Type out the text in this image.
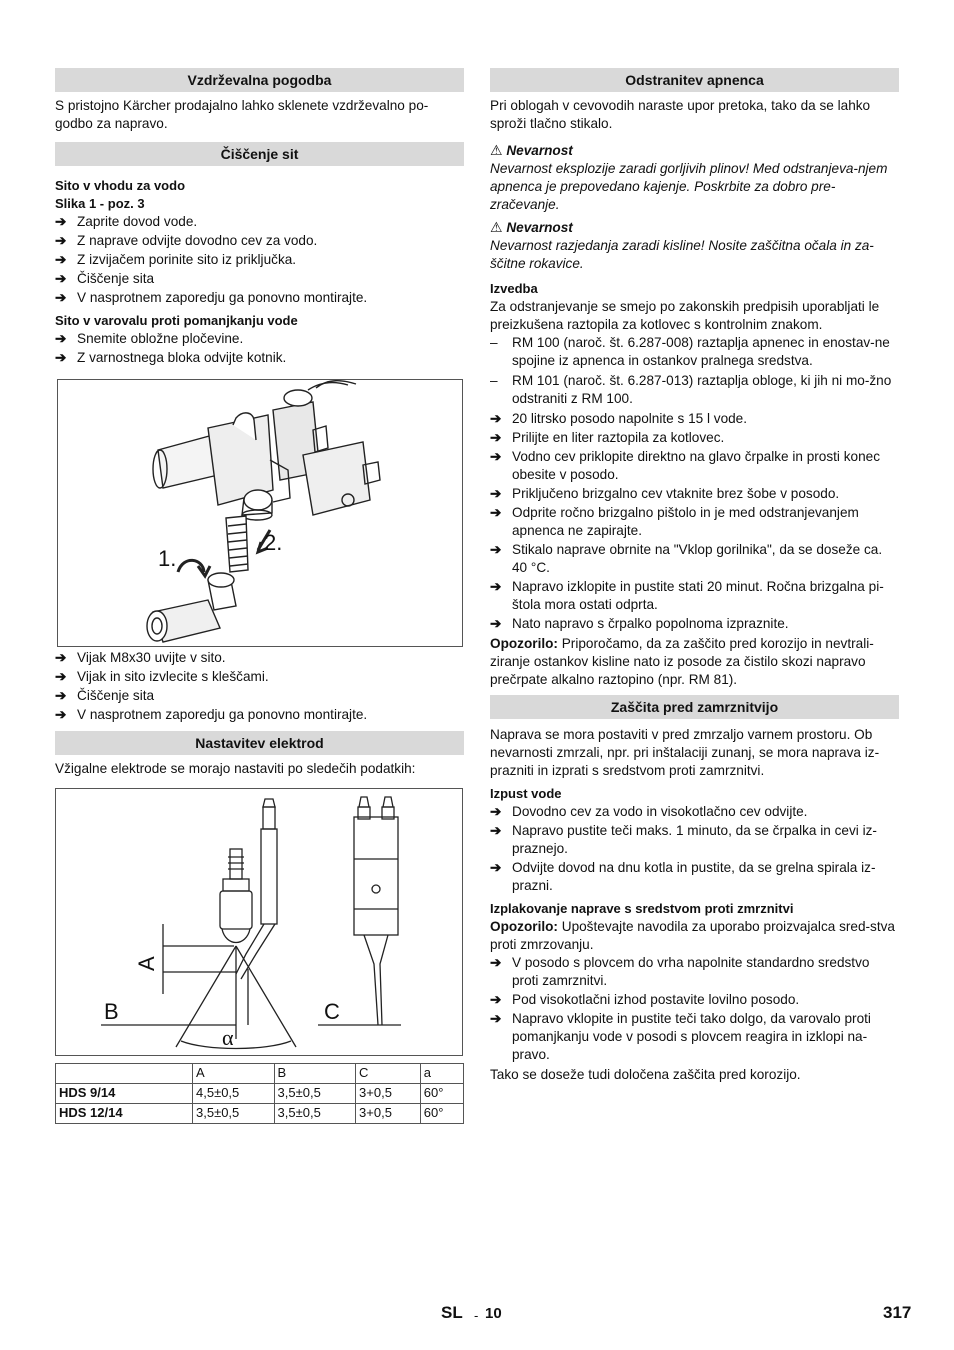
Vzdrževalna pogodba

S pristojno Kärcher prodajalno lahko sklenete vzdrževalno po-godbo za napravo.

Čiščenje sit

Sito v vhodu za vodo

Slika 1 - poz. 3

➔ Zaprite dovod vode.
➔ Z naprave odvijte dovodno cev za vodo.
➔ Z izvijačem porinite sito iz priključka.
➔ Čiščenje sita
➔ V nasprotnem zaporedju ga ponovno montirajte.

Sito v varovalu proti pomanjkanju vode

➔ Snemite obložne pločevine.
➔ Z varnostnega bloka odvijte kotnik.
1.
2.
➔ Vijak M8x30 uvijte v sito.
➔ Vijak in sito izvlecite s kleščami.
➔ Čiščenje sita
➔ V nasprotnem zaporedju ga ponovno montirajte.
Nastavitev elektrod

Vžigalne elektrode se morajo nastaviti po sledečih podatkih:

A
B	C
α
	A	B	C	a
HDS 9/14	4,5±0,5	3,5±0,5	3+0,5	60°
HDS 12/14	3,5±0,5	3,5±0,5	3+0,5	60°
Odstranitev apnenca

Pri oblogah v cevovodih naraste upor pretoka, tako da se lahko sproži tlačno stikalo.

⚠ Nevarnost

Nevarnost eksplozije zaradi gorljivih plinov! Med odstranjeva-njem apnenca je prepovedano kajenje. Poskrbite za dobro pre-zračevanje.

⚠ Nevarnost

Nevarnost razjedanja zaradi kisline! Nosite zaščitna očala in za-ščitne rokavice.

Izvedba

Za odstranjevanje se smejo po zakonskih predpisih uporabljati le preizkušena raztopila za kotlovec s kontrolnim znakom.

– RM 100 (naroč. št. 6.287-008) raztaplja apnenec in enostav-ne spojine iz apnenca in ostankov pralnega sredstva.
– RM 101 (naroč. št. 6.287-013) raztaplja obloge, ki jih ni mo-žno odstraniti z RM 100.
➔ 20 litrsko posodo napolnite s 15 l vode.
➔ Prilijte en liter raztopila za kotlovec.
➔ Vodno cev priklopite direktno na glavo črpalke in prosti konec obesite v posodo.
➔ Priključeno brizgalno cev vtaknite brez šobe v posodo.
➔ Odprite ročno brizgalno pištolo in je med odstranjevanjem apnenca ne zapirajte.
➔ Stikalo naprave obrnite na "Vklop gorilnika", da se doseže ca. 40 °C.
➔ Napravo izklopite in pustite stati 20 minut. Ročna brizgalna pi-štola mora ostati odprta.
➔ Nato napravo s črpalko popolnoma izpraznite.

Opozorilo: Priporočamo, da za zaščito pred korozijo in nevtrali-ziranje ostankov kisline nato iz posode za čistilo skozi napravo prečrpate alkalno raztopino (npr. RM 81).

Zaščita pred zamrznitvijo

Naprava se mora postaviti v pred zmrzaljo varnem prostoru. Ob nevarnosti zmrzali, npr. pri inštalaciji zunanj, se mora naprava iz-prazniti in izprati s sredstvom proti zamrznitvi.

Izpust vode

➔ Dovodno cev za vodo in visokotlačno cev odvijte.
➔ Napravo pustite teči maks. 1 minuto, da se črpalka in cevi iz-praznejo.
➔ Odvijte dovod na dnu kotla in pustite, da se grelna spirala iz-prazni.

Izplakovanje naprave s sredstvom proti zmrznitvi

Opozorilo: Upoštevajte navodila za uporabo proizvajalca sred-stva proti zmrzovanju.

➔ V posodo s plovcem do vrha napolnite standardno sredstvo proti zamrznitvi.
➔ Pod visokotlačni izhod postavite lovilno posodo.
➔ Napravo vklopite in pustite teči tako dolgo, da varovalo proti pomanjkanju vode v posodi s plovcem reagira in izklopi na-pravo.

Tako se doseže tudi določena zaščita pred korozijo.

SL - 10	317
